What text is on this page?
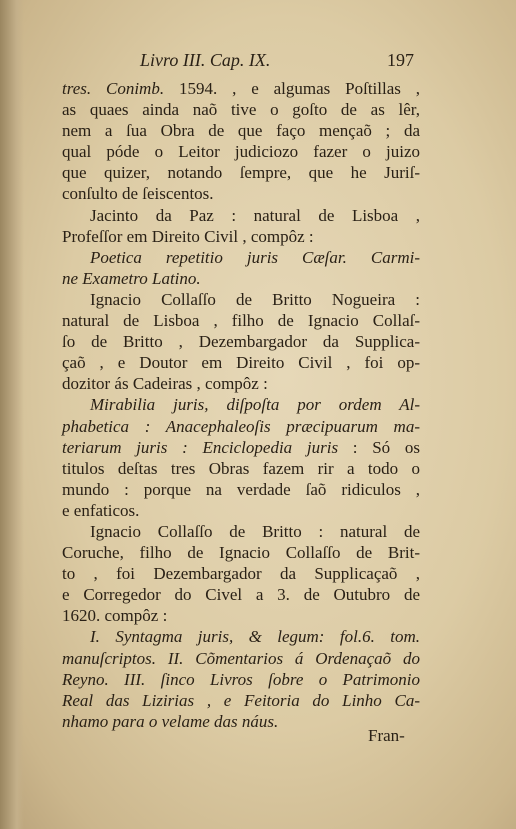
Livro III. Cap. IX.	197
tres. Conimb. 1594. , e algumas Poſtillas ,
as quaes ainda naõ tive o goſto de as lêr,
nem a ſua Obra de que faço mençaõ ; da
qual póde o Leitor judiciozo fazer o juizo
que quizer, notando ſempre, que he Juriſ-
conſulto de ſeiscentos.
Jacinto da Paz : natural de Lisboa ,
Profeſſor em Direito Civil , compôz :
Poetica repetitio juris Cæſar. Carmi-
ne Exametro Latino.
Ignacio Collaſſo de Britto Nogueira :
natural de Lisboa , filho de Ignacio Collaſ-
ſo de Britto , Dezembargador da Supplica-
çaõ , e Doutor em Direito Civil , foi op-
dozitor ás Cadeiras , compôz :
Mirabilia juris, diſpoſta por ordem Al-
phabetica : Anacephaleoſis præcipuarum ma-
teriarum juris : Enciclopedia juris : Só os
titulos deſtas tres Obras fazem rir a todo o
mundo : porque na verdade ſaõ ridiculos ,
e enfaticos.
Ignacio Collaſſo de Britto : natural de
Coruche, filho de Ignacio Collaſſo de Brit-
to , foi Dezembargador da Supplicaçaõ ,
e Corregedor do Civel a 3. de Outubro de
1620. compôz :
I. Syntagma juris, & legum: fol.6. tom.
manuſcriptos. II. Cõmentarios á Ordenaçaõ do
Reyno. III. ſinco Livros ſobre o Patrimonio
Real das Lizirias , e Feitoria do Linho Ca-
nhamo para o velame das náus.
Fran-
